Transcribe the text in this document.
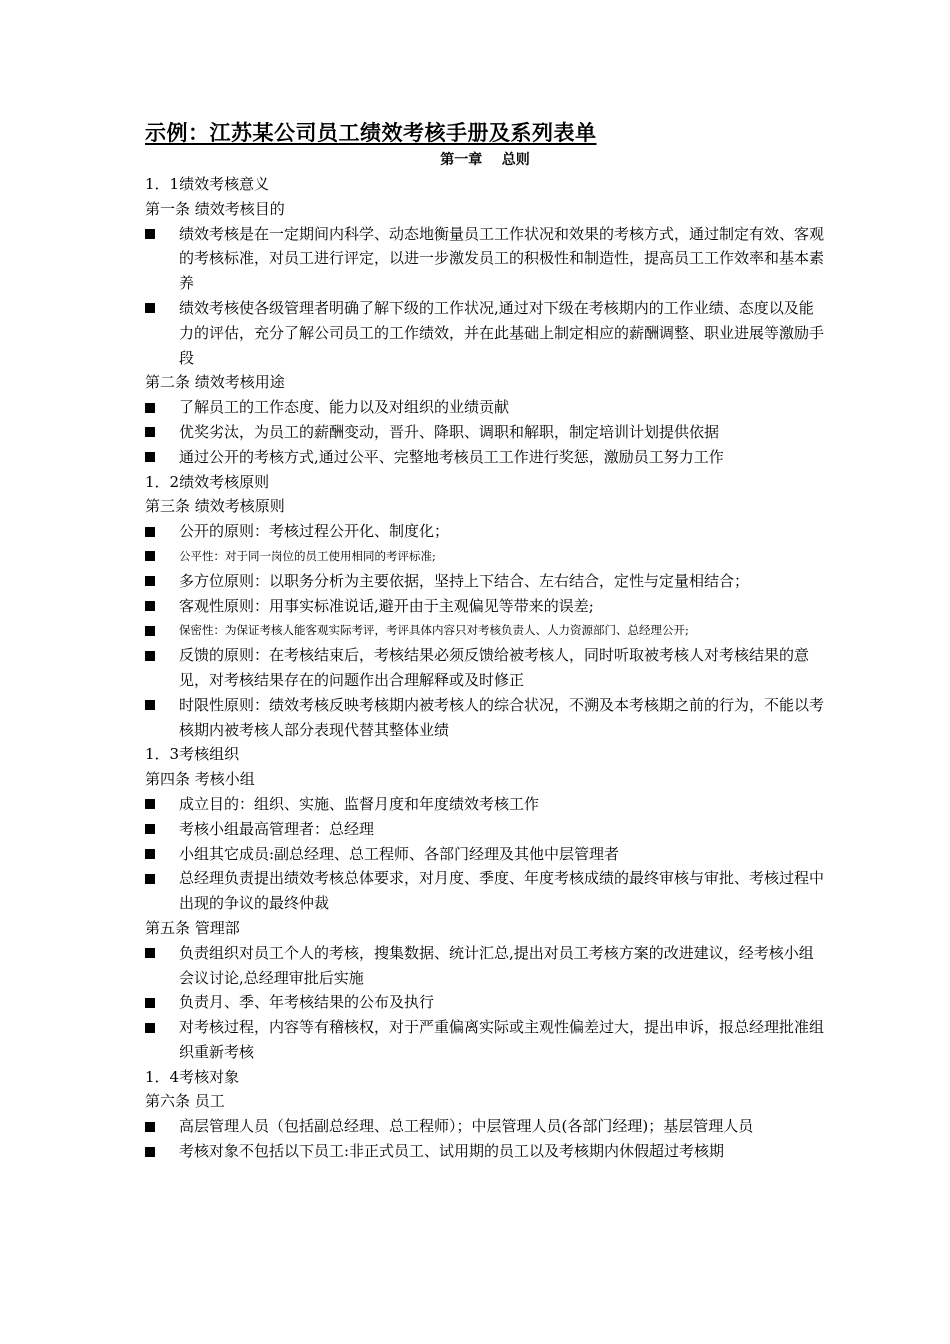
示例：江苏某公司员工绩效考核手册及系列表单
第一章    总则
1．1绩效考核意义
第一条 绩效考核目的
绩效考核是在一定期间内科学、动态地衡量员工工作状况和效果的考核方式，通过制定有效、客观的考核标准，对员工进行评定，以进一步激发员工的积极性和制造性，提高员工工作效率和基本素养
绩效考核使各级管理者明确了解下级的工作状况,通过对下级在考核期内的工作业绩、态度以及能力的评估，充分了解公司员工的工作绩效，并在此基础上制定相应的薪酬调整、职业进展等激励手段
第二条 绩效考核用途
了解员工的工作态度、能力以及对组织的业绩贡献
优奖劣汰，为员工的薪酬变动，晋升、降职、调职和解职，制定培训计划提供依据
通过公开的考核方式,通过公平、完整地考核员工工作进行奖惩，激励员工努力工作
1．2绩效考核原则
第三条 绩效考核原则
公开的原则：考核过程公开化、制度化；
公平性：对于同一岗位的员工使用相同的考评标准;
多方位原则：以职务分析为主要依据，坚持上下结合、左右结合，定性与定量相结合；
客观性原则：用事实标准说话,避开由于主观偏见等带来的误差;
保密性：为保证考核人能客观实际考评，考评具体内容只对考核负责人、人力资源部门、总经理公开;
反馈的原则：在考核结束后，考核结果必须反馈给被考核人，同时听取被考核人对考核结果的意见，对考核结果存在的问题作出合理解释或及时修正
时限性原则：绩效考核反映考核期内被考核人的综合状况，不溯及本考核期之前的行为，不能以考核期内被考核人部分表现代替其整体业绩
1．3考核组织
第四条 考核小组
成立目的：组织、实施、监督月度和年度绩效考核工作
考核小组最高管理者：总经理
小组其它成员:副总经理、总工程师、各部门经理及其他中层管理者
总经理负责提出绩效考核总体要求，对月度、季度、年度考核成绩的最终审核与审批、考核过程中出现的争议的最终仲裁
第五条 管理部
负责组织对员工个人的考核，搜集数据、统计汇总,提出对员工考核方案的改进建议，经考核小组会议讨论,总经理审批后实施
负责月、季、年考核结果的公布及执行
对考核过程，内容等有稽核权，对于严重偏离实际或主观性偏差过大，提出申诉，报总经理批准组织重新考核
1．4考核对象
第六条 员工
高层管理人员（包括副总经理、总工程师）；中层管理人员(各部门经理)；基层管理人员
考核对象不包括以下员工:非正式员工、试用期的员工以及考核期内休假超过考核期
